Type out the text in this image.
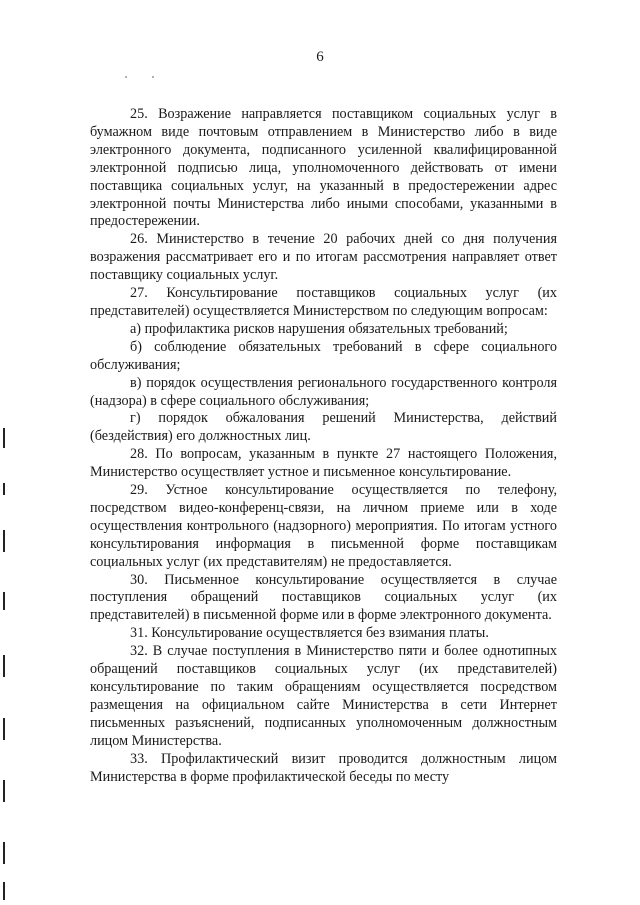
6

25. Возражение направляется поставщиком социальных услуг в бумажном виде почтовым отправлением в Министерство либо в виде электронного документа, подписанного усиленной квалифицированной электронной подписью лица, уполномоченного действовать от имени поставщика социальных услуг, на указанный в предостережении адрес электронной почты Министерства либо иными способами, указанными в предостережении.

26. Министерство в течение 20 рабочих дней со дня получения возражения рассматривает его и по итогам рассмотрения направляет ответ поставщику социальных услуг.

27. Консультирование поставщиков социальных услуг (их представителей) осуществляется Министерством по следующим вопросам:

а) профилактика рисков нарушения обязательных требований;

б) соблюдение обязательных требований в сфере социального обслуживания;

в) порядок осуществления регионального государственного контроля (надзора) в сфере социального обслуживания;

г) порядок обжалования решений Министерства, действий (бездействия) его должностных лиц.

28. По вопросам, указанным в пункте 27 настоящего Положения, Министерство осуществляет устное и письменное консультирование.

29. Устное консультирование осуществляется по телефону, посредством видео-конференц-связи, на личном приеме или в ходе осуществления контрольного (надзорного) мероприятия. По итогам устного консультирования информация в письменной форме поставщикам социальных услуг (их представителям) не предоставляется.

30. Письменное консультирование осуществляется в случае поступления обращений поставщиков социальных услуг (их представителей) в письменной форме или в форме электронного документа.

31. Консультирование осуществляется без взимания платы.

32. В случае поступления в Министерство пяти и более однотипных обращений поставщиков социальных услуг (их представителей) консультирование по таким обращениям осуществляется посредством размещения на официальном сайте Министерства в сети Интернет письменных разъяснений, подписанных уполномоченным должностным лицом Министерства.

33. Профилактический визит проводится должностным лицом Министерства в форме профилактической беседы по месту
